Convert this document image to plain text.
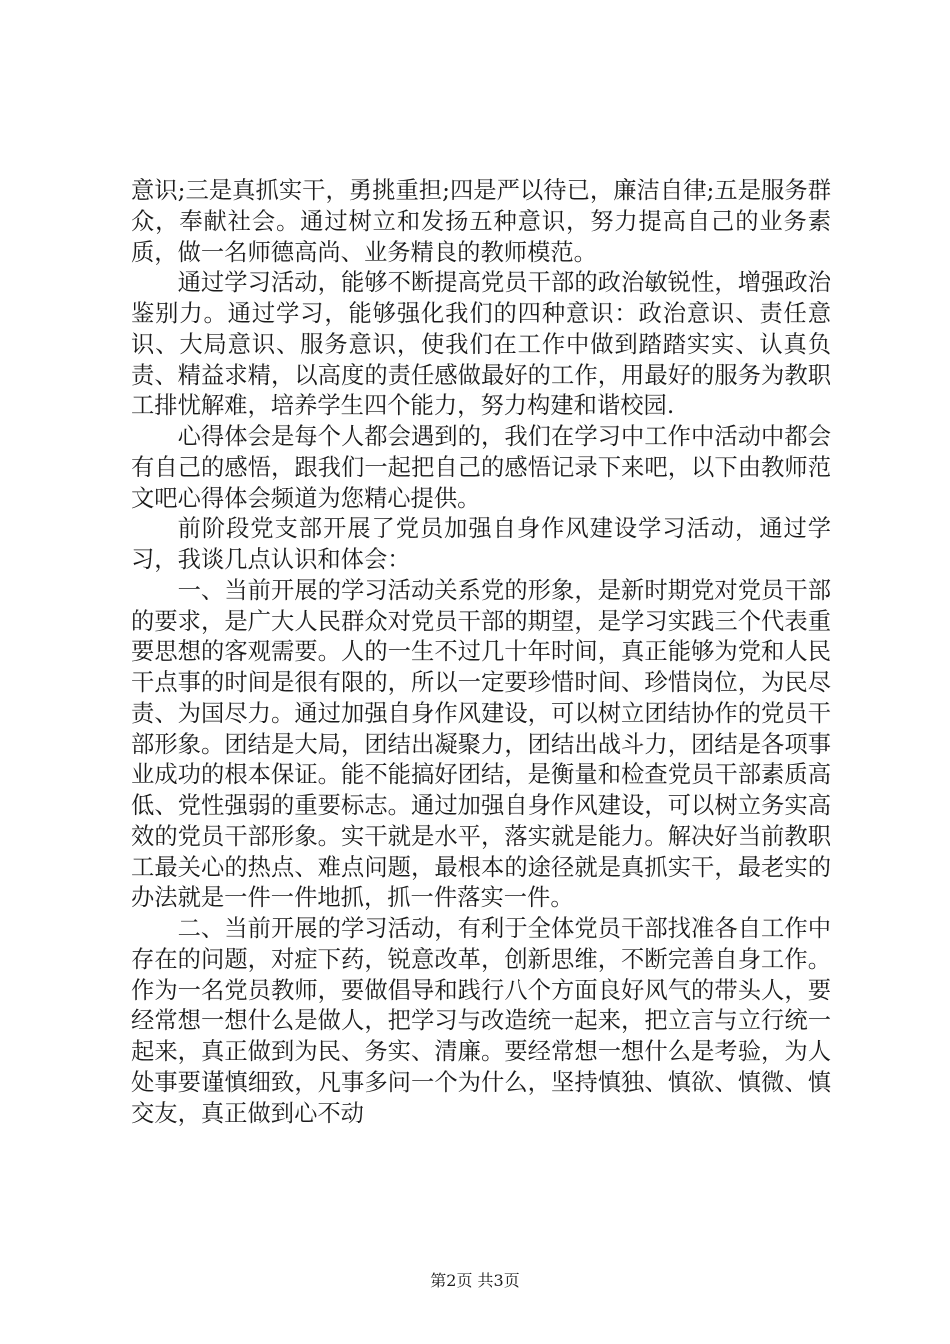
意识;三是真抓实干，勇挑重担;四是严以待已，廉洁自律;五是服务群众，奉献社会。通过树立和发扬五种意识，努力提高自己的业务素质，做一名师德高尚、业务精良的教师模范。

通过学习活动，能够不断提高党员干部的政治敏锐性，增强政治鉴别力。通过学习，能够强化我们的四种意识：政治意识、责任意识、大局意识、服务意识，使我们在工作中做到踏踏实实、认真负责、精益求精，以高度的责任感做最好的工作，用最好的服务为教职工排忧解难，培养学生四个能力，努力构建和谐校园.

心得体会是每个人都会遇到的，我们在学习中工作中活动中都会有自己的感悟，跟我们一起把自己的感悟记录下来吧，以下由教师范文吧心得体会频道为您精心提供。

前阶段党支部开展了党员加强自身作风建设学习活动，通过学习，我谈几点认识和体会：

一、当前开展的学习活动关系党的形象，是新时期党对党员干部的要求，是广大人民群众对党员干部的期望，是学习实践三个代表重要思想的客观需要。人的一生不过几十年时间，真正能够为党和人民干点事的时间是很有限的，所以一定要珍惜时间、珍惜岗位，为民尽责、为国尽力。通过加强自身作风建设，可以树立团结协作的党员干部形象。团结是大局，团结出凝聚力，团结出战斗力，团结是各项事业成功的根本保证。能不能搞好团结，是衡量和检查党员干部素质高低、党性强弱的重要标志。通过加强自身作风建设，可以树立务实高效的党员干部形象。实干就是水平，落实就是能力。解决好当前教职工最关心的热点、难点问题，最根本的途径就是真抓实干，最老实的办法就是一件一件地抓，抓一件落实一件。

二、当前开展的学习活动，有利于全体党员干部找准各自工作中存在的问题，对症下药，锐意改革，创新思维，不断完善自身工作。作为一名党员教师，要做倡导和践行八个方面良好风气的带头人，要经常想一想什么是做人，把学习与改造统一起来，把立言与立行统一起来，真正做到为民、务实、清廉。要经常想一想什么是考验，为人处事要谨慎细致，凡事多问一个为什么，坚持慎独、慎欲、慎微、慎交友，真正做到心不动

第2页 共3页
